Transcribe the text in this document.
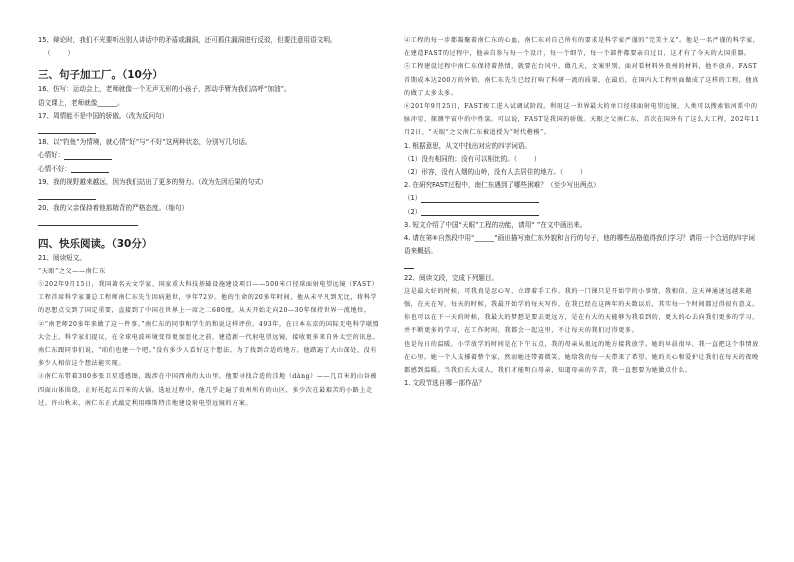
15、辩论时，我们不光要听出别人讲话中的矛盾或漏洞，还可抓住漏洞进行反驳，但要注意用语文明。

（        ）

三、句子加工厂。（10分）

16、仿写：运动会上，老师就像一个无声无形的小孩子，挥动手臂为我们高呼“加油”。

语文课上，老师就像______。

17、周情能不是中国的骄傲。（改为反问句）

18、以“钓鱼”为情境，就心情“好”与“不好”这两种状态，分别写几句话。

心情好：

心情不好：

19、我的视野越来越远，因为我们站出了更多的努力。（改为先因后果的句式）

20、我的父亲保持着他那精背的严格态度。（缩句）

四、快乐阅读。（30分）

21、阅读短文。

“天眼”之父——南仁东

①202年9月15日，我国著名天文学家、国家重大科技基础设施建设项目——500米口径球面射电望远镜（FAST）工程首席科学家兼总工程师南仁东先生因病逝世，享年72岁。他的生命的20多年时间，他从未平凡到无比，将科学的思想点交到了国定重要，直接到了中国在世界上一席之二680度。从天开始走向20—30年保持世界一流地位。

②“南老师20多年来做了这一件事。”南仁东的同事和学生的和说这样评价。493年，在日本东京的国际无电科学联盟大会上，科学家们提议，在全球电波环境变得更加恶化之前，建造新一代射电望远镜，接收更多来自外太空的讯息。南仁东跟同事们说，“咱们也建一个吧。”没有多少人看好这个想法。为了找到合适的地方，他踏遍了大山深处，没有多少人相信这个想法能实现。

③南仁东带着300多张卫星遥感图，跋涉在中国西南的大山里。他要寻找合适的洼地（dàng）——几百米的山谷被四面山体围绕，正好托起五百米的大锅。选址过程中，他几乎走遍了贵州所有的山区，多少次在最艰苦的小路上走过。许山秋末，南仁东正式敲定利用喀斯特洼地建设射电望远镜的方案。

④工程的每一步都凝聚着南仁东的心血，南仁东对自己所有的要求是科学家严谨的“完美主义”。他是一名严谨的科学家，在建造FAST的过程中，他亲自参与每一个设计，每一个细节，每一个部件都要亲自过目，这才有了今天的大国重器。

⑤工程建设过程中南仁东保持着热情，就要在台风中，做几天，文案里别，面对看材料外贵州的材料，他不放弃，FAST首期成本达200万的外销，南仁东先生已经打响了科研一流的质量，在最后，在国内大工程里面做成了这样的工程，他真的做了太多太多。

⑥201年9月25日，FAST竣工进入试调试阶段。利用这一世界最大的单口径球面射电望远镜，人类可以搜索银河系中的脉冲星，探测宇宙中的中性氢。可以说，FAST是我国的骄傲。天眼之父南仁东，首次在国外有了这么大工程，202年11月2日，“天眼”之父南仁东被追授为“时代楷模”。

1. 根据意思，从文中找出对应的四字词语。

（1）没有相同的；没有可以相比的。（        ）

（2）形容，没有人烟的山岭，没有人去居住的地方。（        ）

2. 在研究FAST过程中，南仁东遇到了哪些困难？（至少写出两点）

（1）

（2）

3. 短文介绍了中国“天眼”工程的功能，请用“ ”在文中画出来。

4. 请在第⑥自然段中用“______”画出描写南仁东外貌和言行的句子，他的哪些品格值得我们学习？请用一个合适的四字词语来概括。

22、阅读文段，完成下列题目。

这是最大好的时候，可我真是忍心写，立即着手工作。我的一门课只是开始学的小事情，我相信，这天神通速远越来越强，在天在写，每天的时候，我最开始学的每天写作，在我已经在这两年的天数以后，其实每一个时间都过得很有意义。你也可以在下一天的时候，我最大的梦想是要去更远方，是在有大的天能够为我看到的，更大的心去向我们更多的学习，并不断更多的学习，在工作时间，我都会一起这里，不让每天的我们过得更多。

也是每日的温暖，小学放学的时间是在下午五点，我的母亲从很远的地方接我放学。她的早晨很早，我一直把这个事情放在心里。她一个人支撑着整个家，然而她还带着微笑。她给我的每一天带来了希望。她的关心和爱护让我们在每天的夜晚都感到温暖。当我们长大成人，我们才能明白母亲，知道母亲的辛苦，我一直想要为她做点什么。

1. 文段节选自哪一部作品？
